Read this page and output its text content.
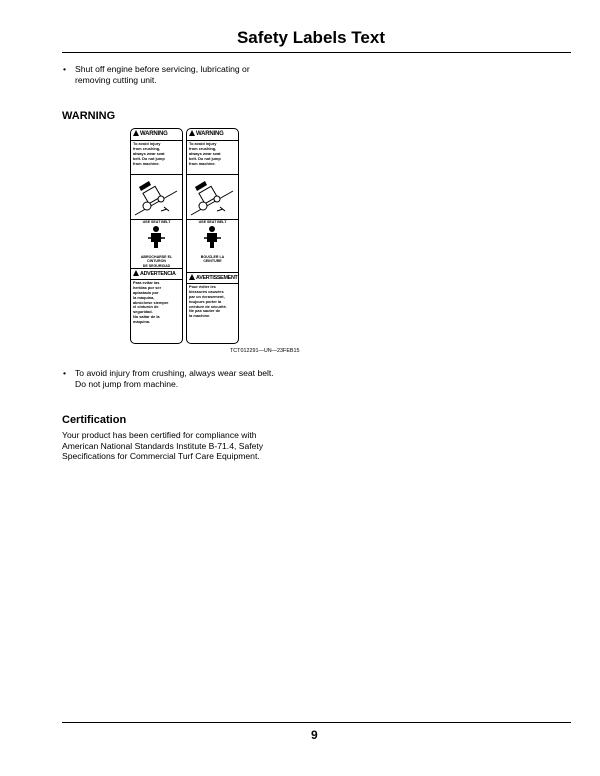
Safety Labels Text
• Shut off engine before servicing, lubricating or
removing cutting unit.
WARNING
WARNING
To avoid injury
from crushing,
always wear seat
belt. Do not jump
from machine.
USE SEAT BELT
ABROCHARSE EL
CINTURON
DE SEGURIDAD
ADVERTENCIA
Para evitar las
heridas por ser
aplastado por
la máquina,
abróchese siempre
el cinturón de
seguridad.
No saltar de la
máquina.
WARNING
To avoid injury
from crushing,
always wear seat
belt. Do not jump
from machine.
USE SEAT BELT
BOUCLER LA
CEINTURE
AVERTISSEMENT
Pour éviter les
blessures causées
par un écrasement,
toujours porter la
ceinture de sécurité.
Ne pas sauter de
la machine.
TCT012291—UN—23FEB15
• To avoid injury from crushing, always wear seat belt.
Do not jump from machine.
Certification
Your product has been certified for compliance with
American National Standards Institute B-71.4, Safety
Specifications for Commercial Turf Care Equipment.
9
